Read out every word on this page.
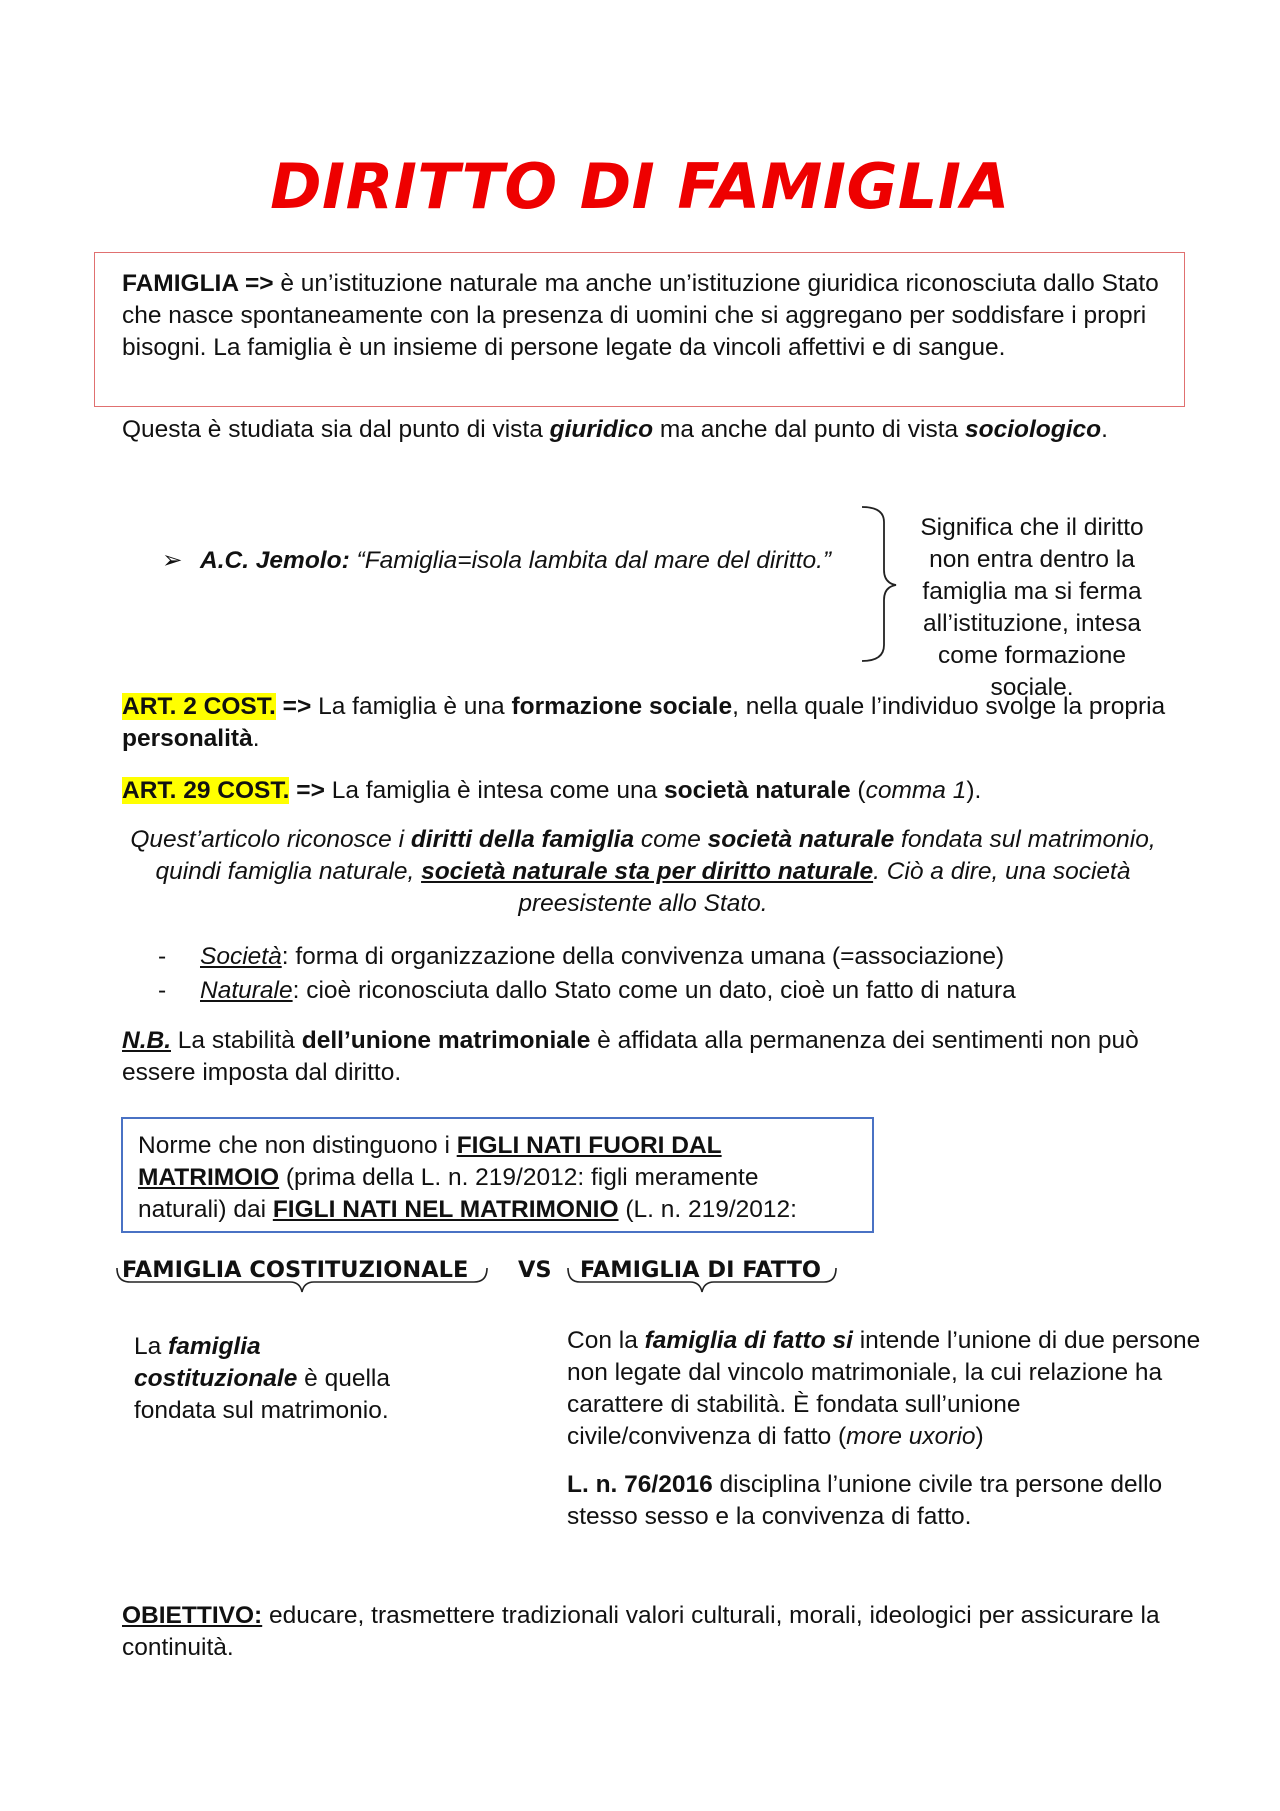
DIRITTO DI FAMIGLIA
FAMIGLIA => è un’istituzione naturale ma anche un’istituzione giuridica riconosciuta dallo Stato che nasce spontaneamente con la presenza di uomini che si aggregano per soddisfare i propri bisogni. La famiglia è un insieme di persone legate da vincoli affettivi e di sangue.
Questa è studiata sia dal punto di vista giuridico ma anche dal punto di vista sociologico.
➢ A.C. Jemolo: “Famiglia=isola lambita dal mare del diritto.”
Significa che il diritto non entra dentro la famiglia ma si ferma all’istituzione, intesa come formazione sociale.
ART. 2 COST. => La famiglia è una formazione sociale, nella quale l’individuo svolge la propria personalità.
ART. 29 COST. => La famiglia è intesa come una società naturale (comma 1).
Quest’articolo riconosce i diritti della famiglia come società naturale fondata sul matrimonio, quindi famiglia naturale, società naturale sta per diritto naturale. Ciò a dire, una società preesistente allo Stato.
- Società: forma di organizzazione della convivenza umana (=associazione)
- Naturale: cioè riconosciuta dallo Stato come un dato, cioè un fatto di natura
N.B. La stabilità dell’unione matrimoniale è affidata alla permanenza dei sentimenti non può essere imposta dal diritto.
Norme che non distinguono i FIGLI NATI FUORI DAL MATRIMOIO (prima della L. n. 219/2012: figli meramente naturali) dai FIGLI NATI NEL MATRIMONIO (L. n. 219/2012:
FAMIGLIA COSTITUZIONALE VS FAMIGLIA DI FATTO
La famiglia costituzionale è quella fondata sul matrimonio.
Con la famiglia di fatto si intende l’unione di due persone non legate dal vincolo matrimoniale, la cui relazione ha carattere di stabilità. È fondata sull’unione civile/convivenza di fatto (more uxorio)
L. n. 76/2016 disciplina l’unione civile tra persone dello stesso sesso e la convivenza di fatto.
OBIETTIVO: educare, trasmettere tradizionali valori culturali, morali, ideologici per assicurare la continuità.
